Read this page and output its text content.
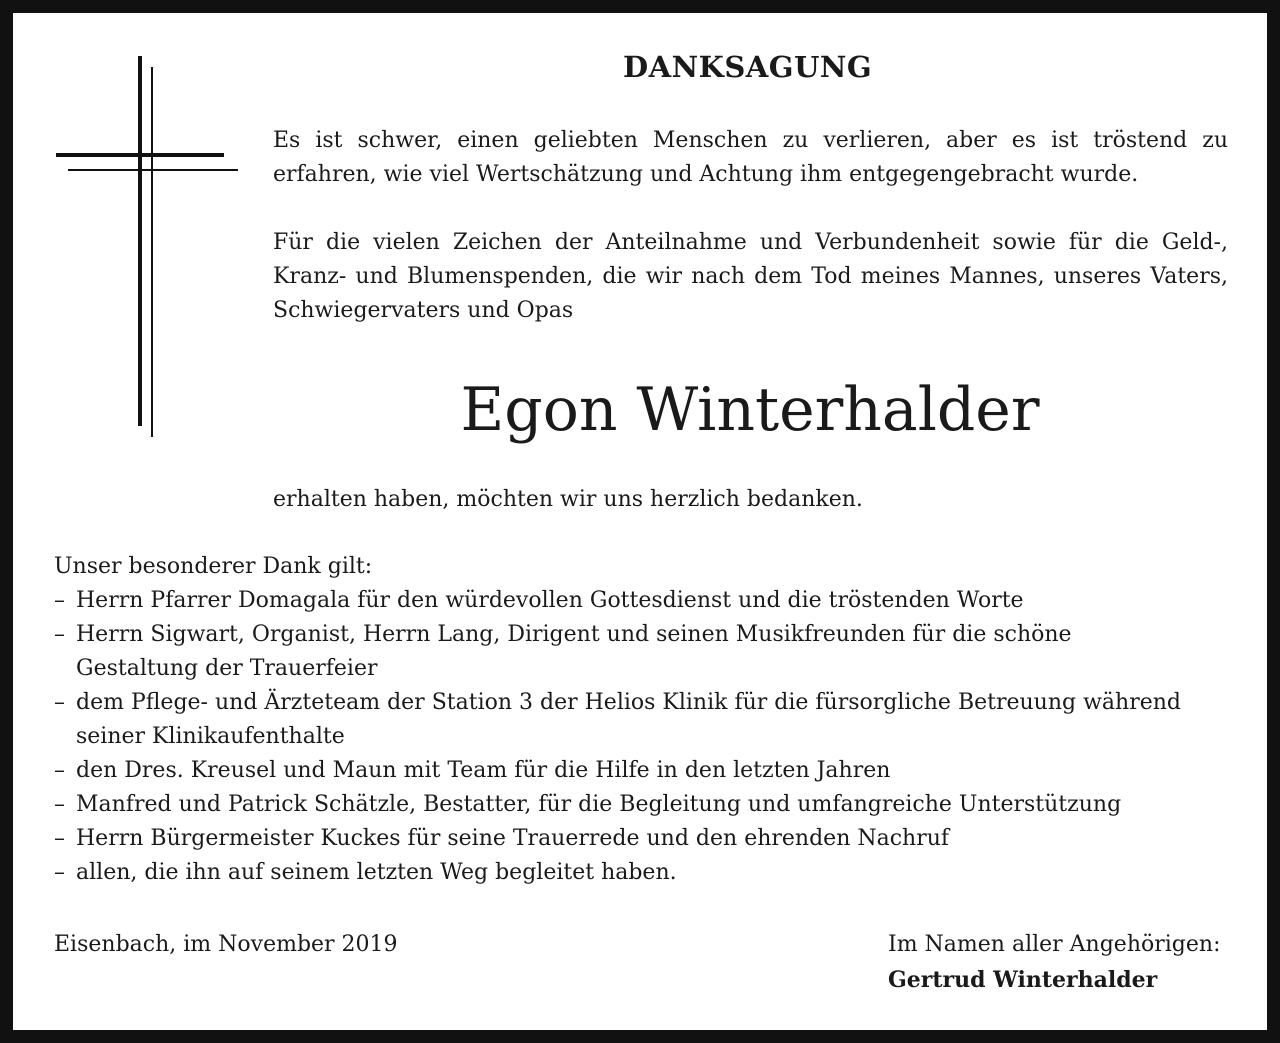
DANKSAGUNG

Es ist schwer, einen geliebten Menschen zu verlieren, aber es ist tröstend zu erfahren, wie viel Wertschätzung und Achtung ihm entgegengebracht wurde.

Für die vielen Zeichen der Anteilnahme und Verbundenheit sowie für die Geld-, Kranz- und Blumenspenden, die wir nach dem Tod meines Mannes, unseres Vaters, Schwiegervaters und Opas

Egon Winterhalder

erhalten haben, möchten wir uns herzlich bedanken.

Unser besonderer Dank gilt:

– Herrn Pfarrer Domagala für den würdevollen Gottesdienst und die tröstenden Worte
– Herrn Sigwart, Organist, Herrn Lang, Dirigent und seinen Musikfreunden für die schöne
Gestaltung der Trauerfeier
– dem Pflege- und Ärzteteam der Station 3 der Helios Klinik für die fürsorgliche Betreuung während
seiner Klinikaufenthalte
– den Dres. Kreusel und Maun mit Team für die Hilfe in den letzten Jahren
– Manfred und Patrick Schätzle, Bestatter, für die Begleitung und umfangreiche Unterstützung
– Herrn Bürgermeister Kuckes für seine Trauerrede und den ehrenden Nachruf
– allen, die ihn auf seinem letzten Weg begleitet haben.

Eisenbach, im November 2019	Im Namen aller Angehörigen:

Gertrud Winterhalder
